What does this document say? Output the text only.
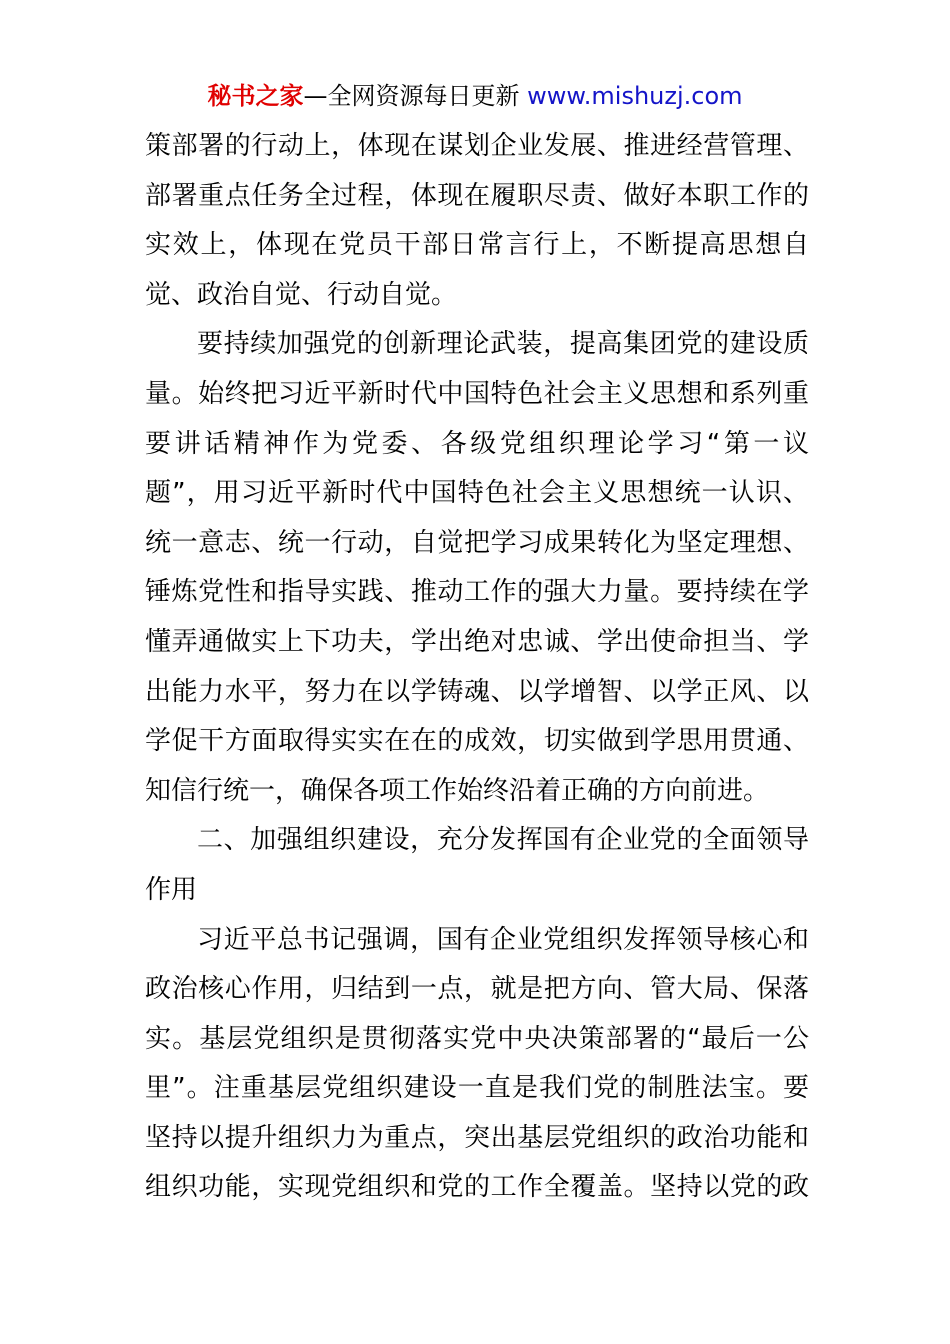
秘书之家—全网资源每日更新 www.mishuzj.com
策部署的行动上，体现在谋划企业发展、推进经营管理、
部署重点任务全过程，体现在履职尽责、做好本职工作的
实效上，体现在党员干部日常言行上，不断提高思想自
觉、政治自觉、行动自觉。
要持续加强党的创新理论武装，提高集团党的建设质
量。始终把习近平新时代中国特色社会主义思想和系列重
要讲话精神作为党委、各级党组织理论学习“第一议
题”，用习近平新时代中国特色社会主义思想统一认识、
统一意志、统一行动，自觉把学习成果转化为坚定理想、
锤炼党性和指导实践、推动工作的强大力量。要持续在学
懂弄通做实上下功夫，学出绝对忠诚、学出使命担当、学
出能力水平，努力在以学铸魂、以学增智、以学正风、以
学促干方面取得实实在在的成效，切实做到学思用贯通、
知信行统一，确保各项工作始终沿着正确的方向前进。
二、加强组织建设，充分发挥国有企业党的全面领导
作用
习近平总书记强调，国有企业党组织发挥领导核心和
政治核心作用，归结到一点，就是把方向、管大局、保落
实。基层党组织是贯彻落实党中央决策部署的“最后一公
里”。注重基层党组织建设一直是我们党的制胜法宝。要
坚持以提升组织力为重点，突出基层党组织的政治功能和
组织功能，实现党组织和党的工作全覆盖。坚持以党的政
